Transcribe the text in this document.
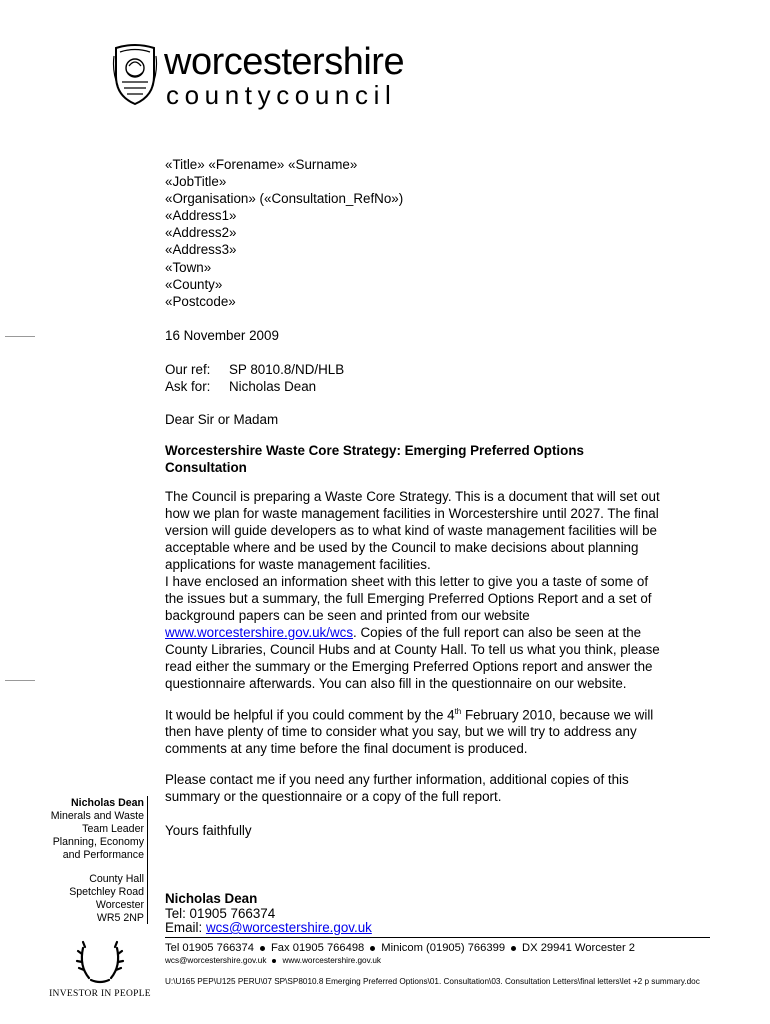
worcestershire
countycouncil
«Title» «Forename» «Surname»
«JobTitle»
«Organisation» («Consultation_RefNo»)
«Address1»
«Address2»
«Address3»
«Town»
«County»
«Postcode»
16 November 2009
Our ref: SP 8010.8/ND/HLB
Ask for: Nicholas Dean
Dear Sir or Madam
Worcestershire Waste Core Strategy: Emerging Preferred Options Consultation
The Council is preparing a Waste Core Strategy. This is a document that will set out
how we plan for waste management facilities in Worcestershire until 2027. The final
version will guide developers as to what kind of waste management facilities will be
acceptable where and be used by the Council to make decisions about planning
applications for waste management facilities.
I have enclosed an information sheet with this letter to give you a taste of some of
the issues but a summary, the full Emerging Preferred Options Report and a set of
background papers can be seen and printed from our website
www.worcestershire.gov.uk/wcs. Copies of the full report can also be seen at the
County Libraries, Council Hubs and at County Hall. To tell us what you think, please
read either the summary or the Emerging Preferred Options report and answer the
questionnaire afterwards. You can also fill in the questionnaire on our website.
It would be helpful if you could comment by the 4th February 2010, because we will
then have plenty of time to consider what you say, but we will try to address any
comments at any time before the final document is produced.
Please contact me if you need any further information, additional copies of this
summary or the questionnaire or a copy of the full report.
Yours faithfully
Nicholas Dean
Tel: 01905 766374
Email: wcs@worcestershire.gov.uk
Nicholas Dean
Minerals and Waste
Team Leader
Planning, Economy
and Performance
County Hall
Spetchley Road
Worcester
WR5 2NP
Tel 01905 766374 Fax 01905 766498 Minicom (01905) 766399 DX 29941 Worcester 2
wcs@worcestershire.gov.uk www.worcestershire.gov.uk
U:\U165 PEP\U125 PERU\07 SP\SP8010.8 Emerging Preferred Options\01. Consultation\03. Consultation Letters\final letters\let +2 p summary.doc
INVESTOR IN PEOPLE
